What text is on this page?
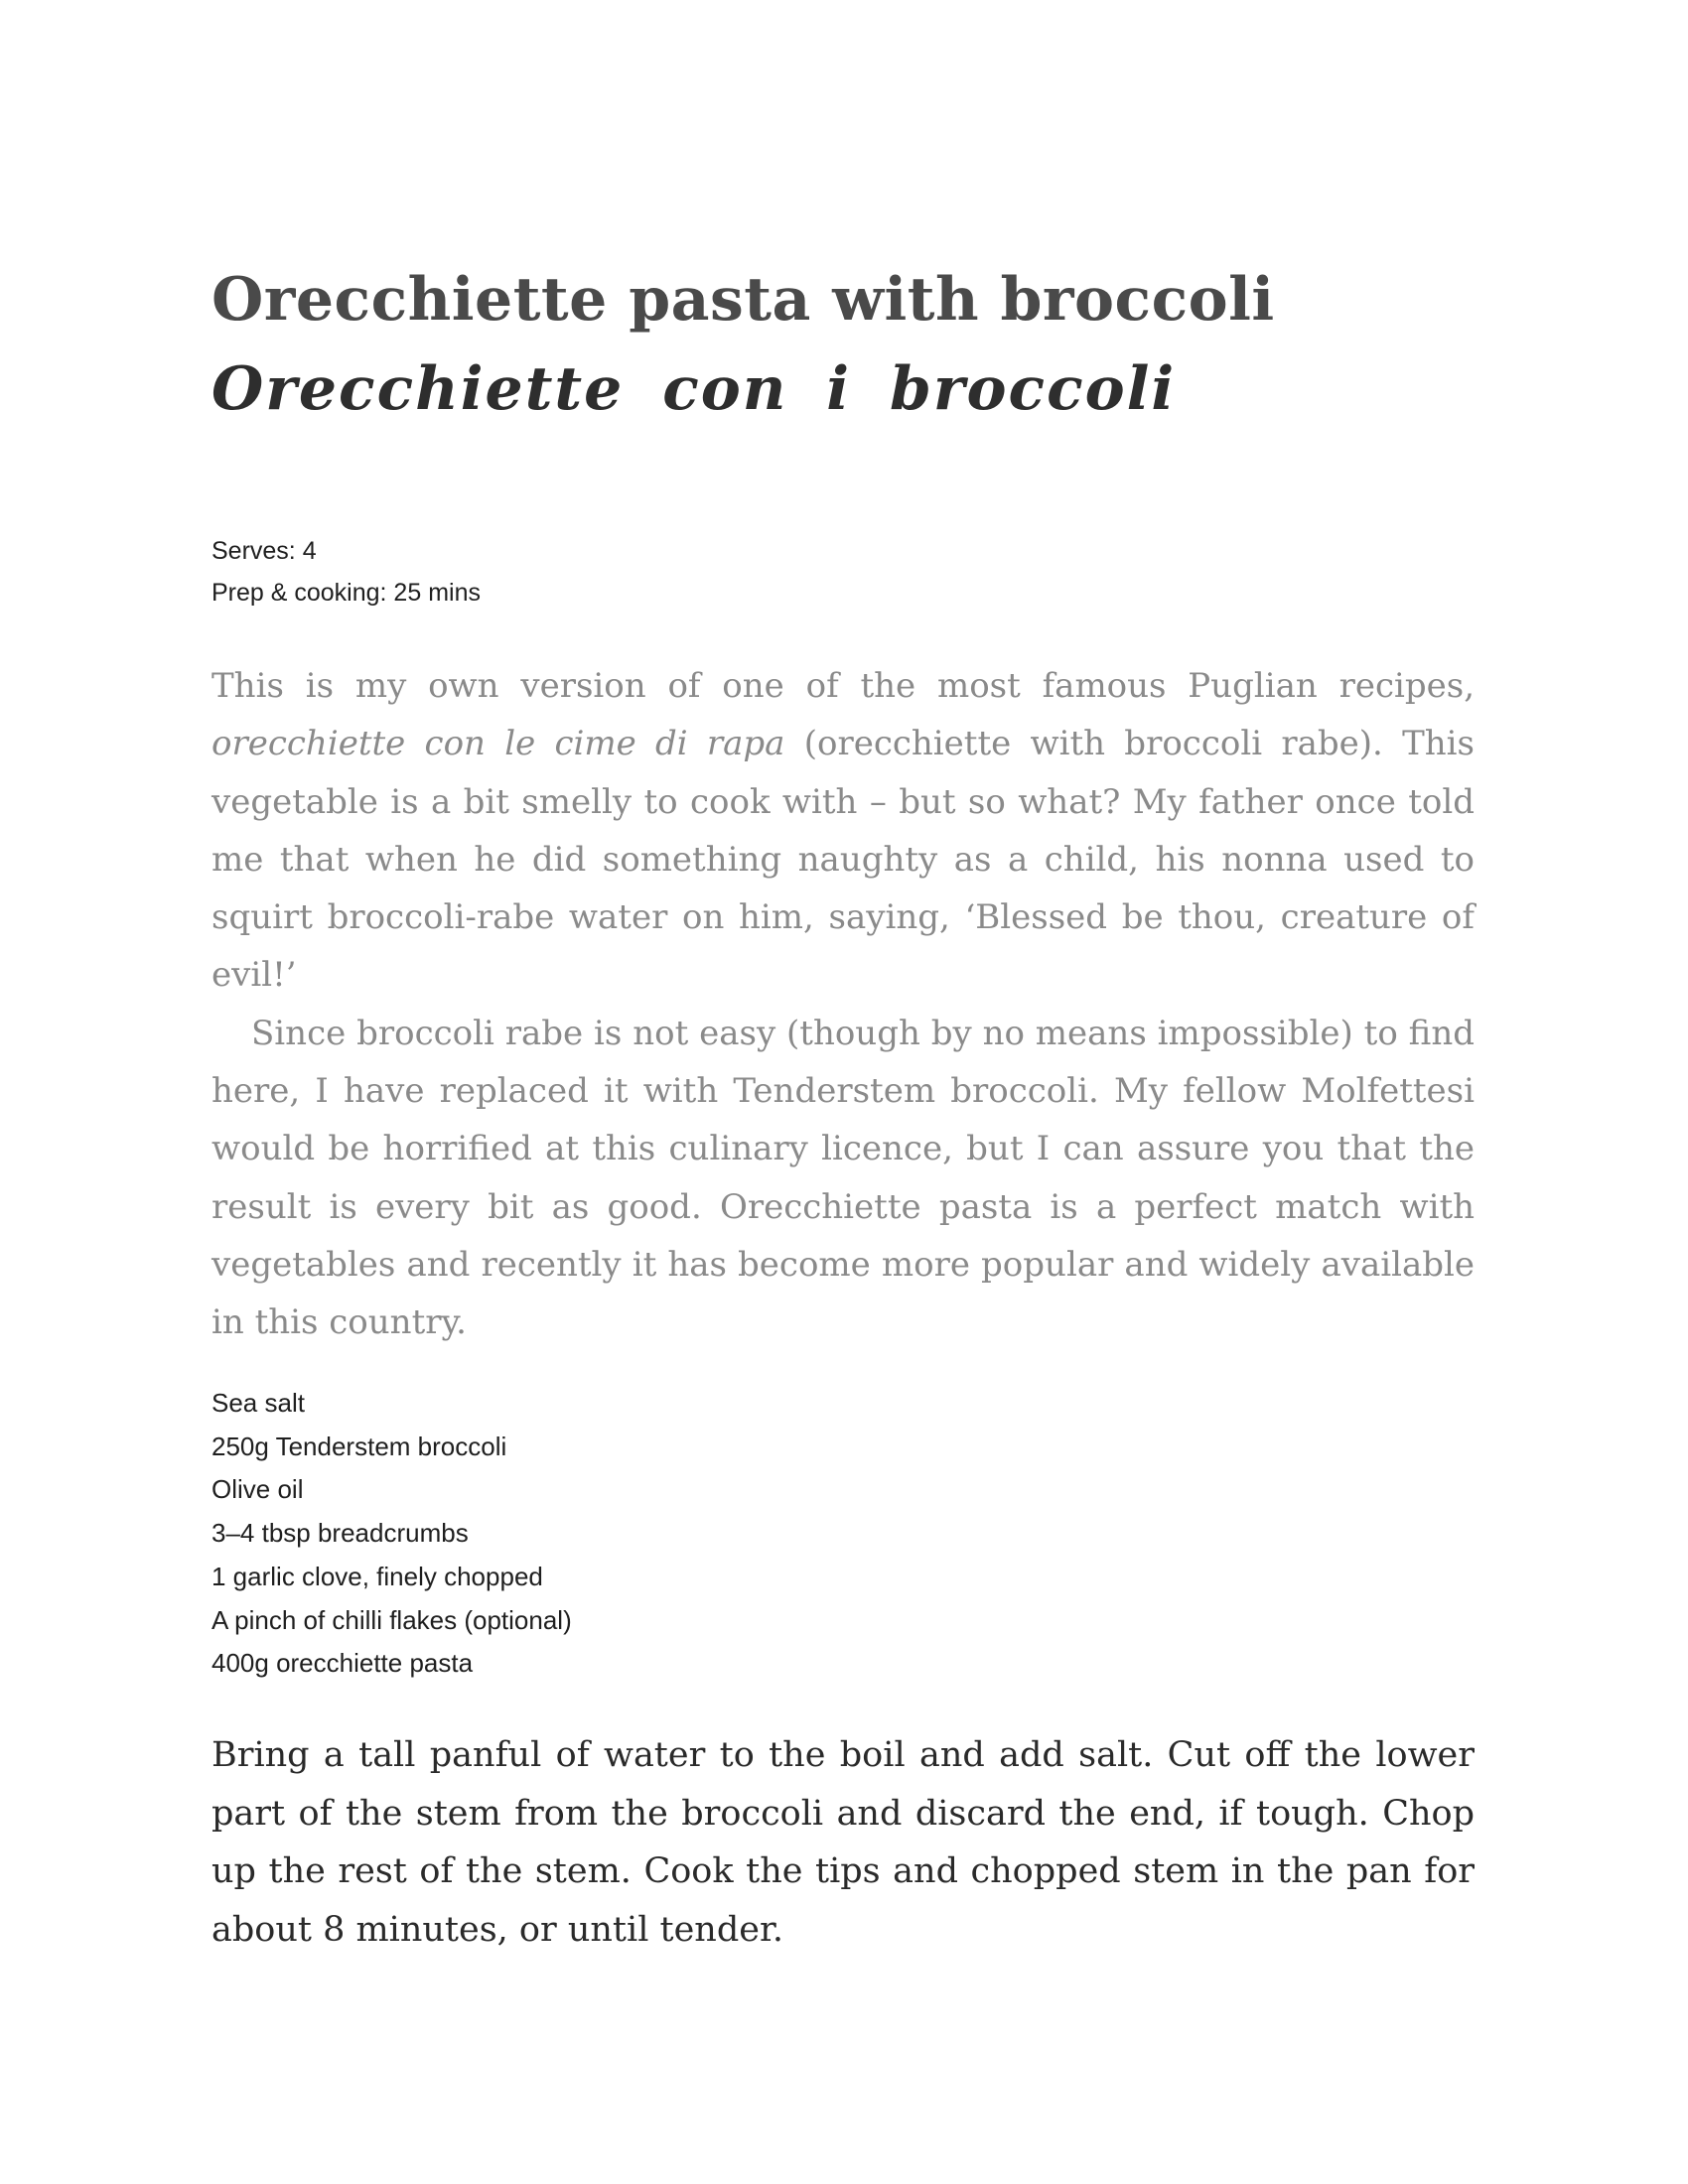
Orecchiette pasta with broccoli
Orecchiette con i broccoli
Serves: 4
Prep & cooking: 25 mins

This is my own version of one of the most famous Puglian recipes, orecchiette con le cime di rapa (orecchiette with broccoli rabe). This vegetable is a bit smelly to cook with – but so what? My father once told me that when he did something naughty as a child, his nonna used to squirt broccoli-rabe water on him, saying, ‘Blessed be thou, creature of evil!’

Since broccoli rabe is not easy (though by no means impossible) to find here, I have replaced it with Tenderstem broccoli. My fellow Molfettesi would be horrified at this culinary licence, but I can assure you that the result is every bit as good. Orecchiette pasta is a perfect match with vegetables and recently it has become more popular and widely available in this country.

Sea salt
250g Tenderstem broccoli
Olive oil
3–4 tbsp breadcrumbs
1 garlic clove, finely chopped
A pinch of chilli flakes (optional)
400g orecchiette pasta

Bring a tall panful of water to the boil and add salt. Cut off the lower part of the stem from the broccoli and discard the end, if tough. Chop up the rest of the stem. Cook the tips and chopped stem in the pan for about 8 minutes, or until tender.
